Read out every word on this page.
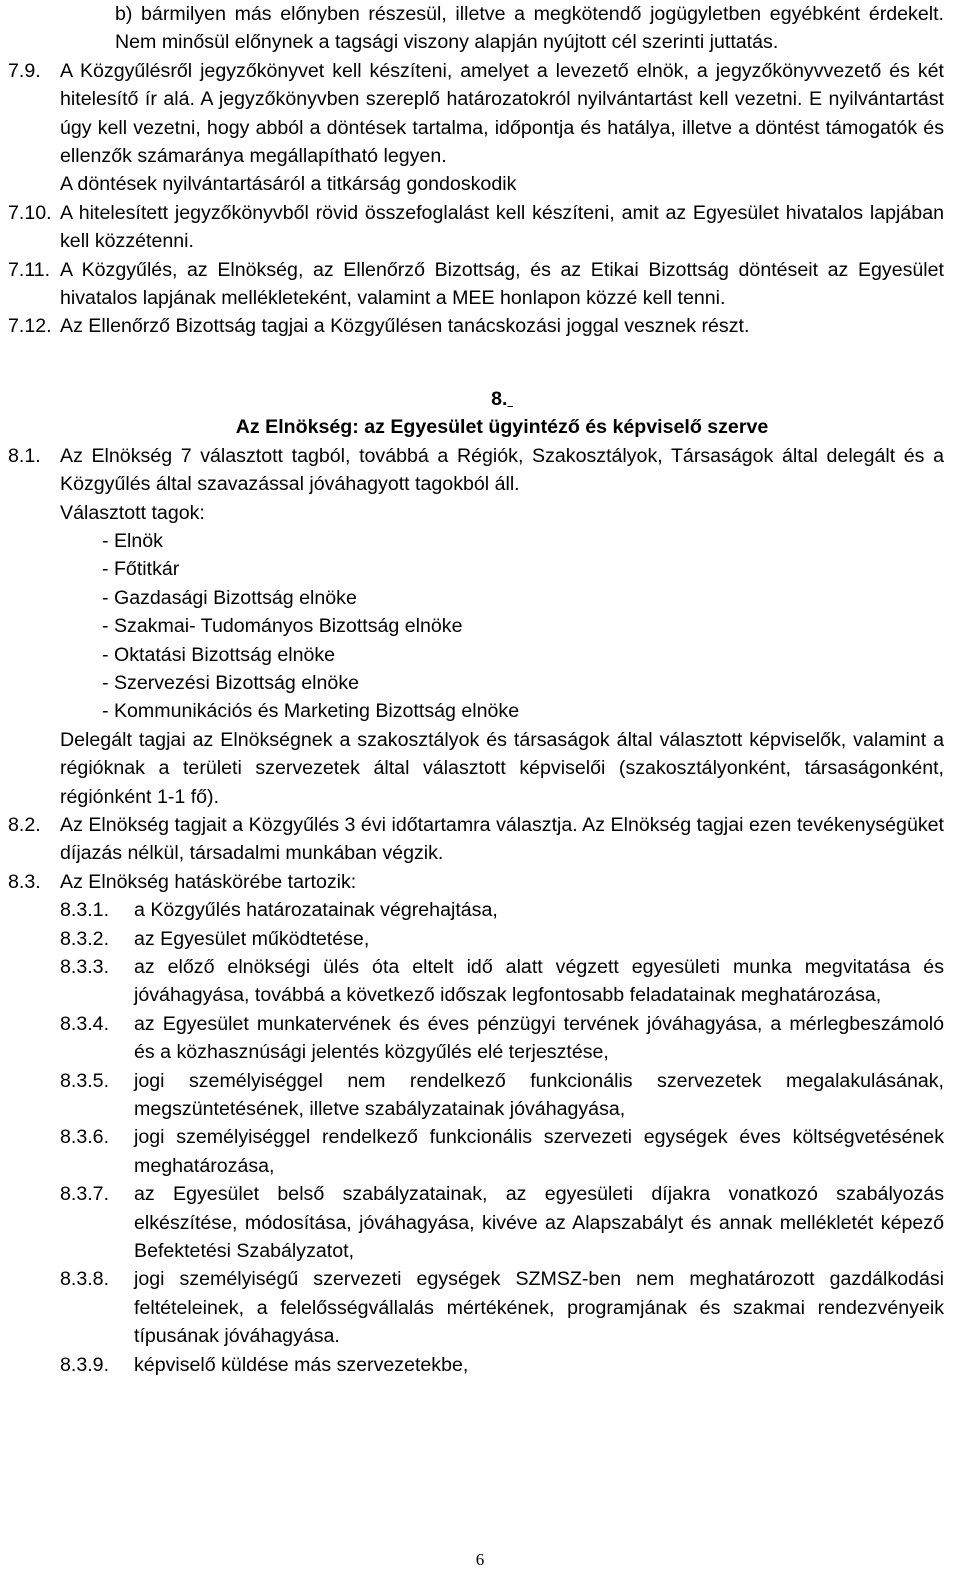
b) bármilyen más előnyben részesül, illetve a megkötendő jogügyletben egyébként érdekelt. Nem minősül előnynek a tagsági viszony alapján nyújtott cél szerinti juttatás.
7.9. A Közgyűlésről jegyzőkönyvet kell készíteni, amelyet a levezető elnök, a jegyzőkönyvvezető és két hitelesítő ír alá. A jegyzőkönyvben szereplő határozatokról nyilvántartást kell vezetni. E nyilvántartást úgy kell vezetni, hogy abból a döntések tartalma, időpontja és hatálya, illetve a döntést támogatók és ellenzők számaránya megállapítható legyen.
A döntések nyilvántartásáról a titkárság gondoskodik
7.10. A hitelesített jegyzőkönyvből rövid összefoglalást kell készíteni, amit az Egyesület hivatalos lapjában kell közzétenni.
7.11. A Közgyűlés, az Elnökség, az Ellenőrző Bizottság, és az Etikai Bizottság döntéseit az Egyesület hivatalos lapjának mellékleteként, valamint a MEE honlapon közzé kell tenni.
7.12. Az Ellenőrző Bizottság tagjai a Közgyűlésen tanácskozási joggal vesznek részt.
8.
Az Elnökség: az Egyesület ügyintéző és képviselő szerve
8.1. Az Elnökség 7 választott tagból, továbbá a Régiók, Szakosztályok, Társaságok által delegált és a Közgyűlés által szavazással jóváhagyott tagokból áll.
Választott tagok:
- Elnök
- Főtitkár
- Gazdasági Bizottság elnöke
- Szakmai- Tudományos Bizottság elnöke
- Oktatási Bizottság elnöke
- Szervezési Bizottság elnöke
- Kommunikációs és Marketing Bizottság elnöke
Delegált tagjai az Elnökségnek a szakosztályok és társaságok által választott képviselők, valamint a régióknak a területi szervezetek által választott képviselői (szakosztályonként, társaságonként, régiónként 1-1 fő).
8.2. Az Elnökség tagjait a Közgyűlés 3 évi időtartamra választja. Az Elnökség tagjai ezen tevékenységüket díjazás nélkül, társadalmi munkában végzik.
8.3. Az Elnökség hatáskörébe tartozik:
8.3.1. a Közgyűlés határozatainak végrehajtása,
8.3.2. az Egyesület működtetése,
8.3.3. az előző elnökségi ülés óta eltelt idő alatt végzett egyesületi munka megvitatása és jóváhagyása, továbbá a következő időszak legfontosabb feladatainak meghatározása,
8.3.4. az Egyesület munkatervének és éves pénzügyi tervének jóváhagyása, a mérlegbeszámoló és a közhasznúsági jelentés közgyűlés elé terjesztése,
8.3.5. jogi személyiséggel nem rendelkező funkcionális szervezetek megalakulásának, megszüntetésének, illetve szabályzatainak jóváhagyása,
8.3.6. jogi személyiséggel rendelkező funkcionális szervezeti egységek éves költségvetésének meghatározása,
8.3.7. az Egyesület belső szabályzatainak, az egyesületi díjakra vonatkozó szabályozás elkészítése, módosítása, jóváhagyása, kivéve az Alapszabályt és annak mellékletét képező Befektetési Szabályzatot,
8.3.8. jogi személyiségű szervezeti egységek SZMSZ-ben nem meghatározott gazdálkodási feltételeinek, a felelősségvállalás mértékének, programjának és szakmai rendezvényeik típusának jóváhagyása.
8.3.9. képviselő küldése más szervezetekbe,
6
